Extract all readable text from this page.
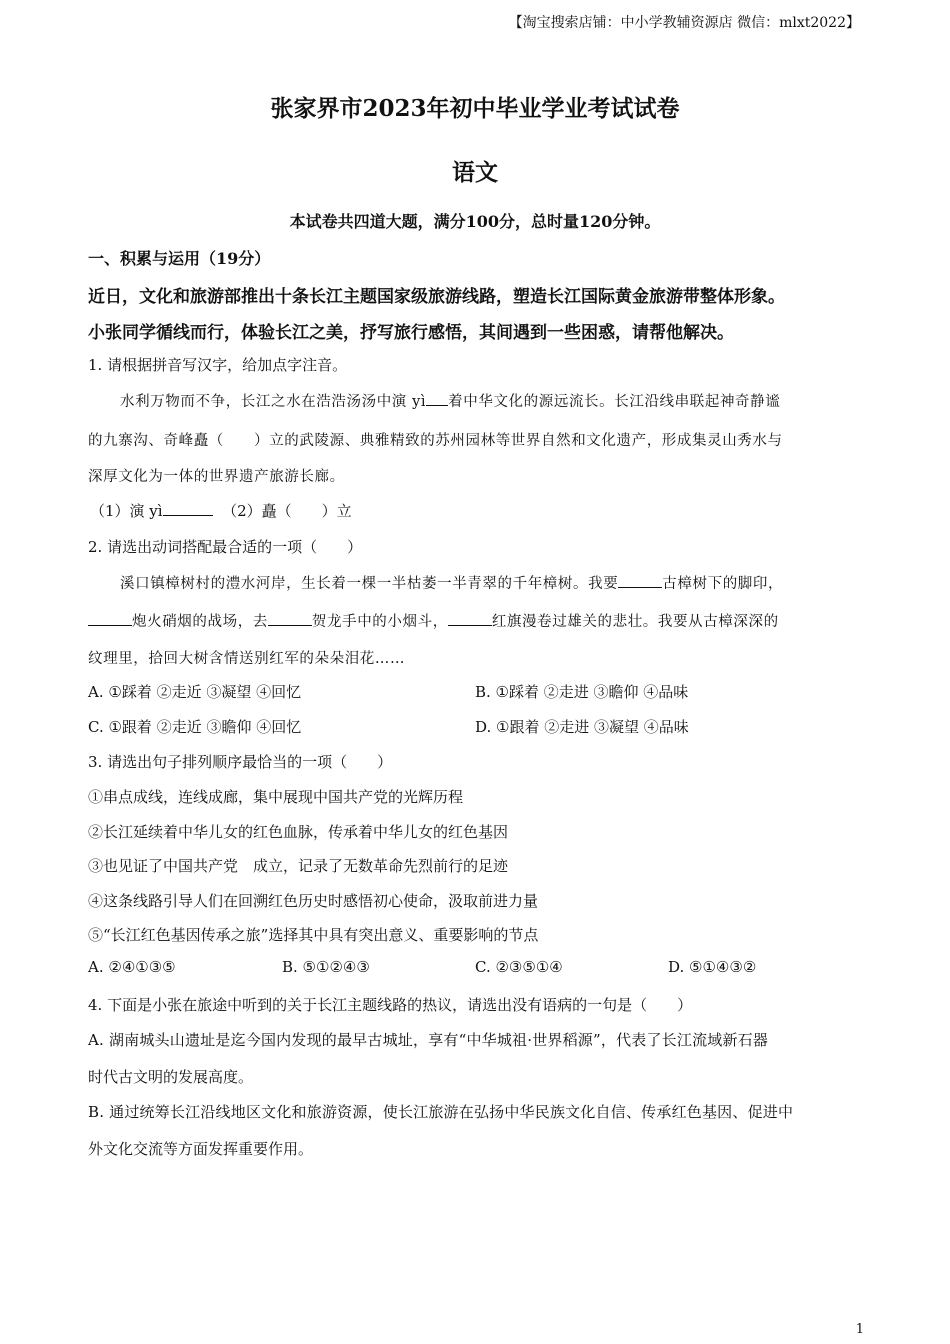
【淘宝搜索店铺：中小学教辅资源店 微信：mlxt2022】
张家界市2023年初中毕业学业考试试卷
语文
本试卷共四道大题，满分100分，总时量120分钟。
一、积累与运用（19分）
近日，文化和旅游部推出十条长江主题国家级旅游线路，塑造长江国际黄金旅游带整体形象。
小张同学循线而行，体验长江之美，抒写旅行感悟，其间遇到一些困惑，请帮他解决。
1. 请根据拼音写汉字，给加点字注音。
水利万物而不争，长江之水在浩浩汤汤中演 yì 着中华文化的源远流长。长江沿线串联起神奇静谧
的九寨沟、奇峰矗（　　）立的武陵源、典雅精致的苏州园林等世界自然和文化遗产，形成集灵山秀水与
深厚文化为一体的世界遗产旅游长廊。
（1）演 yì	（2）矗（　　）立
2. 请选出动词搭配最合适的一项（　　）
溪口镇樟树村的澧水河岸，生长着一棵一半枯萎一半青翠的千年樟树。我要	古樟树下的脚印，
炮火硝烟的战场，去	贺龙手中的小烟斗，	红旗漫卷过雄关的悲壮。我要从古樟深深的
纹理里，拾回大树含情送别红军的朵朵泪花……
A. ①踩着 ②走近 ③凝望 ④回忆	B. ①踩着 ②走进 ③瞻仰 ④品味
C. ①跟着 ②走近 ③瞻仰 ④回忆	D. ①跟着 ②走进 ③凝望 ④品味
3. 请选出句子排列顺序最恰当的一项（　　）
①串点成线，连线成廊，集中展现中国共产党的光辉历程
②长江延续着中华儿女的红色血脉，传承着中华儿女的红色基因
③也见证了中国共产党　成立，记录了无数革命先烈前行的足迹
④这条线路引导人们在回溯红色历史时感悟初心使命，汲取前进力量
⑤“长江红色基因传承之旅”选择其中具有突出意义、重要影响的节点
A. ②④①③⑤	B. ⑤①②④③	C. ②③⑤①④	D. ⑤①④③②
4. 下面是小张在旅途中听到的关于长江主题线路的热议，请选出没有语病的一句是（　　）
A. 湖南城头山遗址是迄今国内发现的最早古城址，享有“中华城祖·世界稻源”，代表了长江流域新石器
时代古文明的发展高度。
B. 通过统筹长江沿线地区文化和旅游资源，使长江旅游在弘扬中华民族文化自信、传承红色基因、促进中
外文化交流等方面发挥重要作用。
1
